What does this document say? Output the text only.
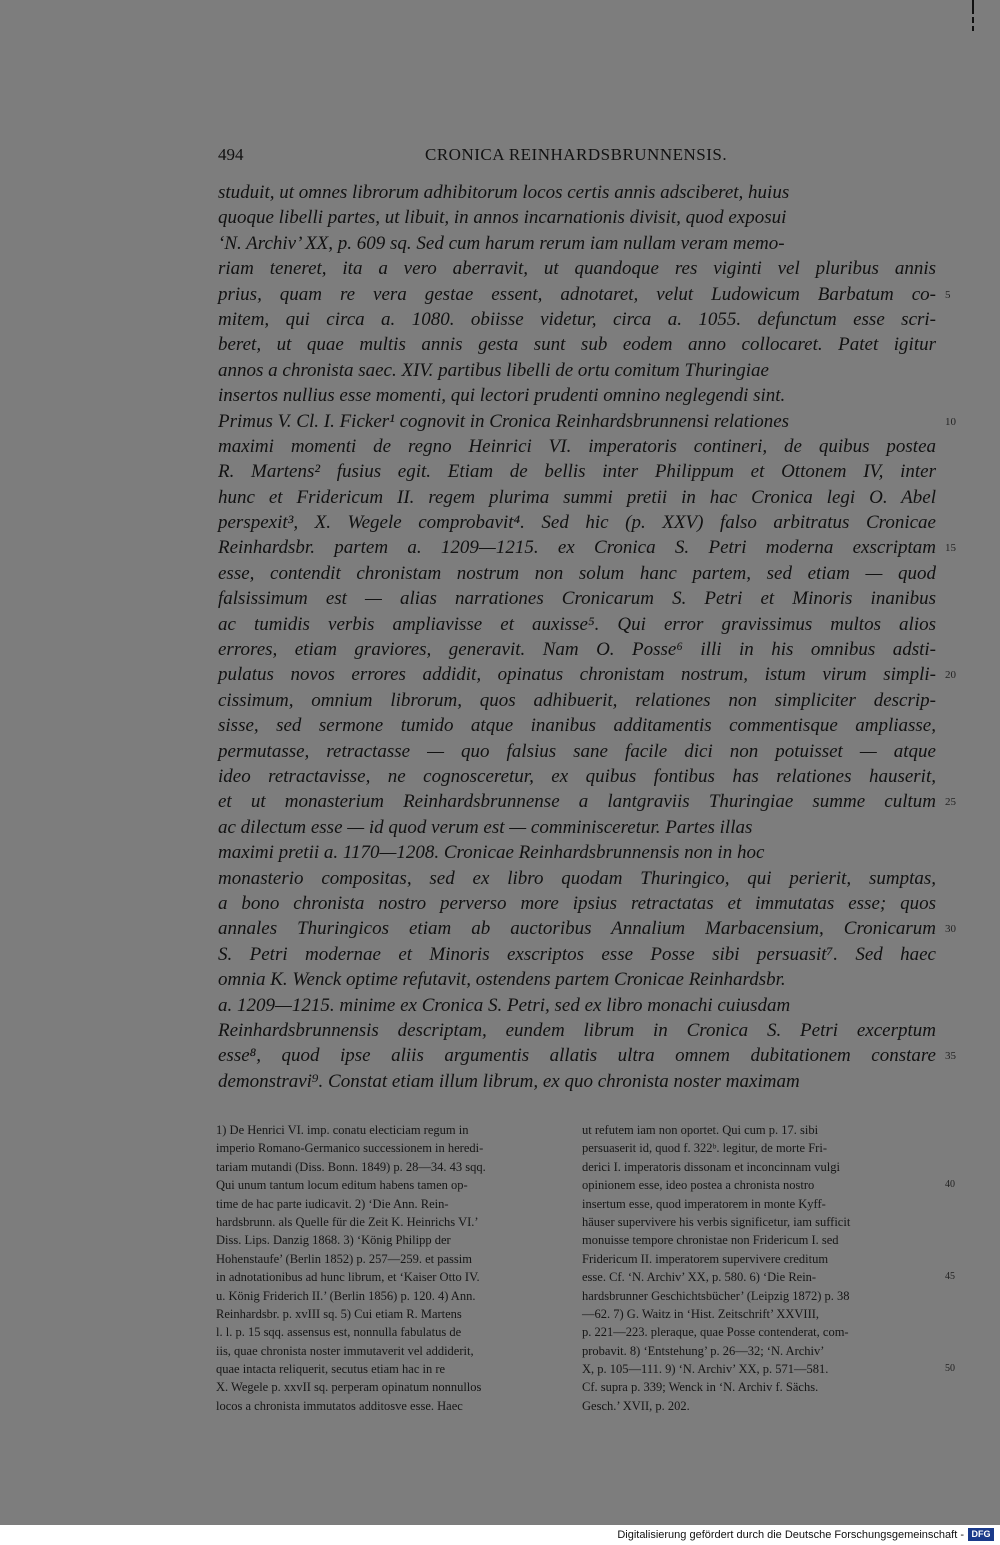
494	CRONICA REINHARDSBRUNNENSIS.
studuit, ut omnes librorum adhibitorum locos certis annis adsciberet, huius
quoque libelli partes, ut libuit, in annos incarnationis divisit, quod exposui
‘N. Archiv’ XX, p. 609 sq. Sed cum harum rerum iam nullam veram memo-
riam teneret, ita a vero aberravit, ut quandoque res viginti vel pluribus annis
prius, quam re vera gestae essent, adnotaret, velut Ludowicum Barbatum co- 5
mitem, qui circa a. 1080. obiisse videtur, circa a. 1055. defunctum esse scri-
beret, ut quae multis annis gesta sunt sub eodem anno collocaret. Patet igitur
annos a chronista saec. XIV. partibus libelli de ortu comitum Thuringiae
insertos nullius esse momenti, qui lectori prudenti omnino neglegendi sint.
Primus V. Cl. I. Ficker¹ cognovit in Cronica Reinhardsbrunnensi relationes	10
maximi momenti de regno Heinrici VI. imperatoris contineri, de quibus postea
R. Martens² fusius egit. Etiam de bellis inter Philippum et Ottonem IV, inter
hunc et Fridericum II. regem plurima summi pretii in hac Cronica legi O. Abel
perspexit³, X. Wegele comprobavit⁴. Sed hic (p. XXV) falso arbitratus Cronicae
Reinhardsbr. partem a. 1209—1215. ex Cronica S. Petri moderna exscriptam 15
esse, contendit chronistam nostrum non solum hanc partem, sed etiam — quod
falsissimum est — alias narrationes Cronicarum S. Petri et Minoris inanibus
ac tumidis verbis ampliavisse et auxisse⁵. Qui error gravissimus multos alios
errores, etiam graviores, generavit. Nam O. Posse⁶ illi in his omnibus adsti-
pulatus novos errores addidit, opinatus chronistam nostrum, istum virum simpli- 20
cissimum, omnium librorum, quos adhibuerit, relationes non simpliciter descrip-
sisse, sed sermone tumido atque inanibus additamentis commentisque ampliasse,
permutasse, retractasse — quo falsius sane facile dici non potuisset — atque
ideo retractavisse, ne cognosceretur, ex quibus fontibus has relationes hauserit,
et ut monasterium Reinhardsbrunnense a lantgraviis Thuringiae summe cultum 25
ac dilectum esse — id quod verum est — comminisceretur. Partes illas
maximi pretii a. 1170—1208. Cronicae Reinhardsbrunnensis non in hoc
monasterio compositas, sed ex libro quodam Thuringico, qui perierit, sumptas,
a bono chronista nostro perverso more ipsius retractatas et immutatas esse; quos
annales Thuringicos etiam ab auctoribus Annalium Marbacensium, Cronicarum 30
S. Petri modernae et Minoris exscriptos esse Posse sibi persuasit⁷. Sed haec
omnia K. Wenck optime refutavit, ostendens partem Cronicae Reinhardsbr.
a. 1209—1215. minime ex Cronica S. Petri, sed ex libro monachi cuiusdam
Reinhardsbrunnensis descriptam, eundem librum in Cronica S. Petri excerptum
esse⁸, quod ipse aliis argumentis allatis ultra omnem dubitationem constare 35
demonstravi⁹. Constat etiam illum librum, ex quo chronista noster maximam
1) De Henrici VI. imp. conatu electiciam regum inimperio Romano-Germanico successionem in heredi-tariam mutandi (Diss. Bonn. 1849) p. 28—34. 43 sqq.Qui unum tantum locum editum habens tamen op-time de hac parte iudicavit. 2) ‘Die Ann. Rein-hardsbrunn. als Quelle für die Zeit K. Heinrichs VI.’Diss. Lips. Danzig 1868. 3) ‘König Philipp derHohenstaufe’ (Berlin 1852) p. 257—259. et passimin adnotationibus ad hunc librum, et ‘Kaiser Otto IV.u. König Friderich II.’ (Berlin 1856) p. 120. 4) Ann.Reinhardsbr. p. xvIII sq. 5) Cui etiam R. Martensl. l. p. 15 sqq. assensus est, nonnulla fabulatus deiis, quae chronista noster immutaverit vel addiderit,quae intacta reliquerit, secutus etiam hac in reX. Wegele p. xxvII sq. perperam opinatum nonnulloslocos a chronista immutatos additosve esse. Haec
ut refutem iam non oportet. Qui cum p. 17. sibi
persuaserit id, quod f. 322ᵇ. legitur, de morte Fri-
derici I. imperatoris dissonam et inconcinnam vulgi
opinionem esse, ideo postea a chronista nostro	40
insertum esse, quod imperatorem in monte Kyff-
häuser supervivere his verbis significetur, iam sufficit
monuisse tempore chronistae non Fridericum I. sed
Fridericum II. imperatorem supervivere creditum
esse. Cf. ‘N. Archiv’ XX, p. 580. 6) ‘Die Rein-	45
hardsbrunner Geschichtsbücher’ (Leipzig 1872) p. 38
—62. 7) G. Waitz in ‘Hist. Zeitschrift’ XXVIII,
p. 221—223. pleraque, quae Posse contenderat, com-
probavit. 8) ‘Entstehung’ p. 26—32; ‘N. Archiv’
X, p. 105—111. 9) ‘N. Archiv’ XX, p. 571—581.	50
Cf. supra p. 339; Wenck in ‘N. Archiv f. Sächs.
Gesch.’ XVII, p. 202.
Digitalisierung gefördert durch die Deutsche Forschungsgemeinschaft - DFG
